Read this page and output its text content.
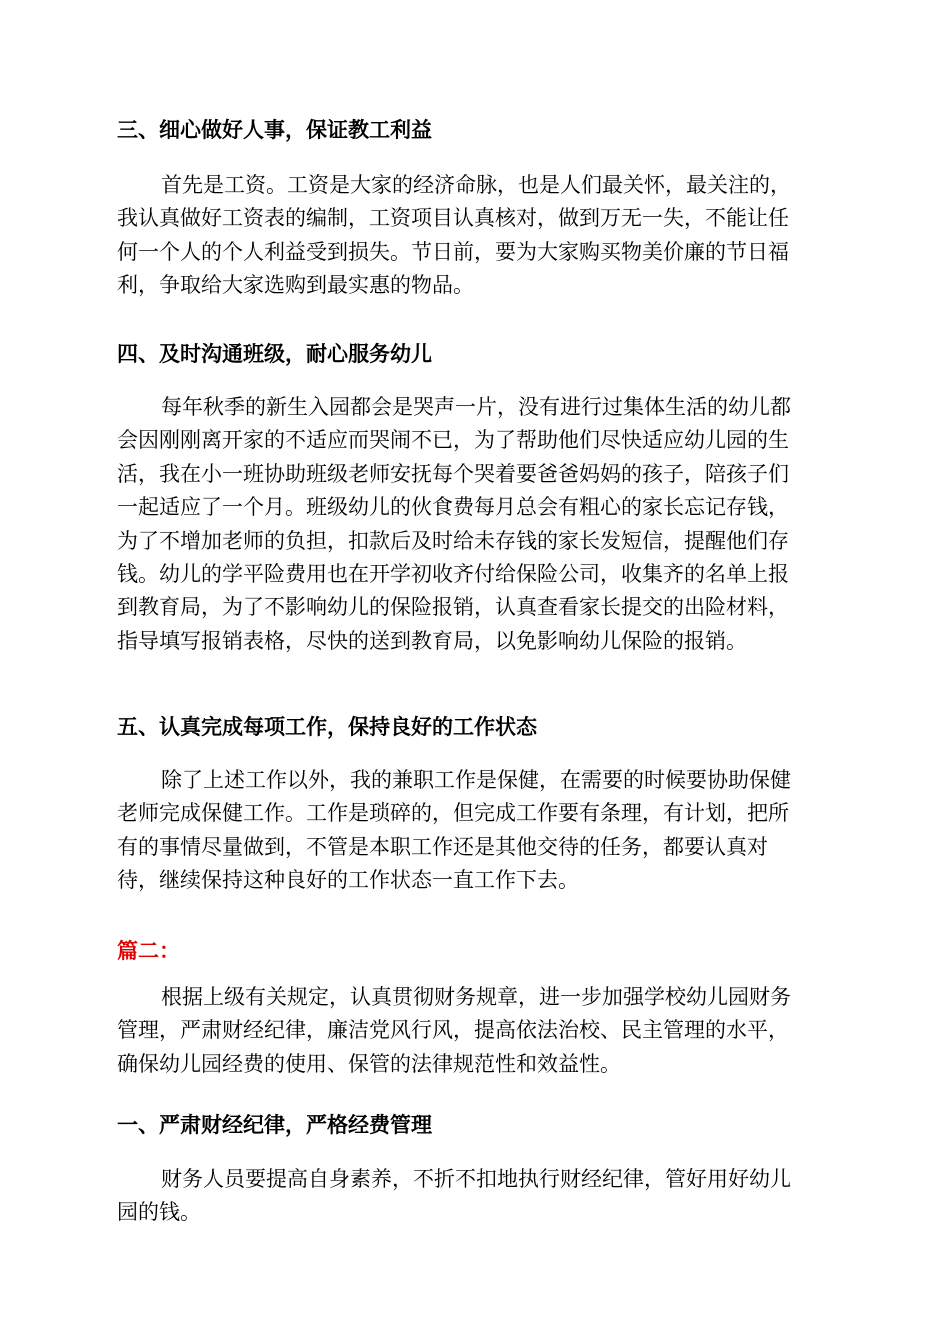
三、细心做好人事，保证教工利益
首先是工资。工资是大家的经济命脉，也是人们最关怀，最关注的，
我认真做好工资表的编制，工资项目认真核对，做到万无一失，不能让任
何一个人的个人利益受到损失。节日前，要为大家购买物美价廉的节日福
利，争取给大家选购到最实惠的物品。
四、及时沟通班级，耐心服务幼儿
每年秋季的新生入园都会是哭声一片，没有进行过集体生活的幼儿都
会因刚刚离开家的不适应而哭闹不已，为了帮助他们尽快适应幼儿园的生
活，我在小一班协助班级老师安抚每个哭着要爸爸妈妈的孩子，陪孩子们
一起适应了一个月。班级幼儿的伙食费每月总会有粗心的家长忘记存钱，
为了不增加老师的负担，扣款后及时给未存钱的家长发短信，提醒他们存
钱。幼儿的学平险费用也在开学初收齐付给保险公司，收集齐的名单上报
到教育局，为了不影响幼儿的保险报销，认真查看家长提交的出险材料，
指导填写报销表格，尽快的送到教育局，以免影响幼儿保险的报销。
五、认真完成每项工作，保持良好的工作状态
除了上述工作以外，我的兼职工作是保健，在需要的时候要协助保健
老师完成保健工作。工作是琐碎的，但完成工作要有条理，有计划，把所
有的事情尽量做到，不管是本职工作还是其他交待的任务，都要认真对
待，继续保持这种良好的工作状态一直工作下去。
篇二：
根据上级有关规定，认真贯彻财务规章，进一步加强学校幼儿园财务
管理，严肃财经纪律，廉洁党风行风，提高依法治校、民主管理的水平，
确保幼儿园经费的使用、保管的法律规范性和效益性。
一、严肃财经纪律，严格经费管理
财务人员要提高自身素养，不折不扣地执行财经纪律，管好用好幼儿
园的钱。
